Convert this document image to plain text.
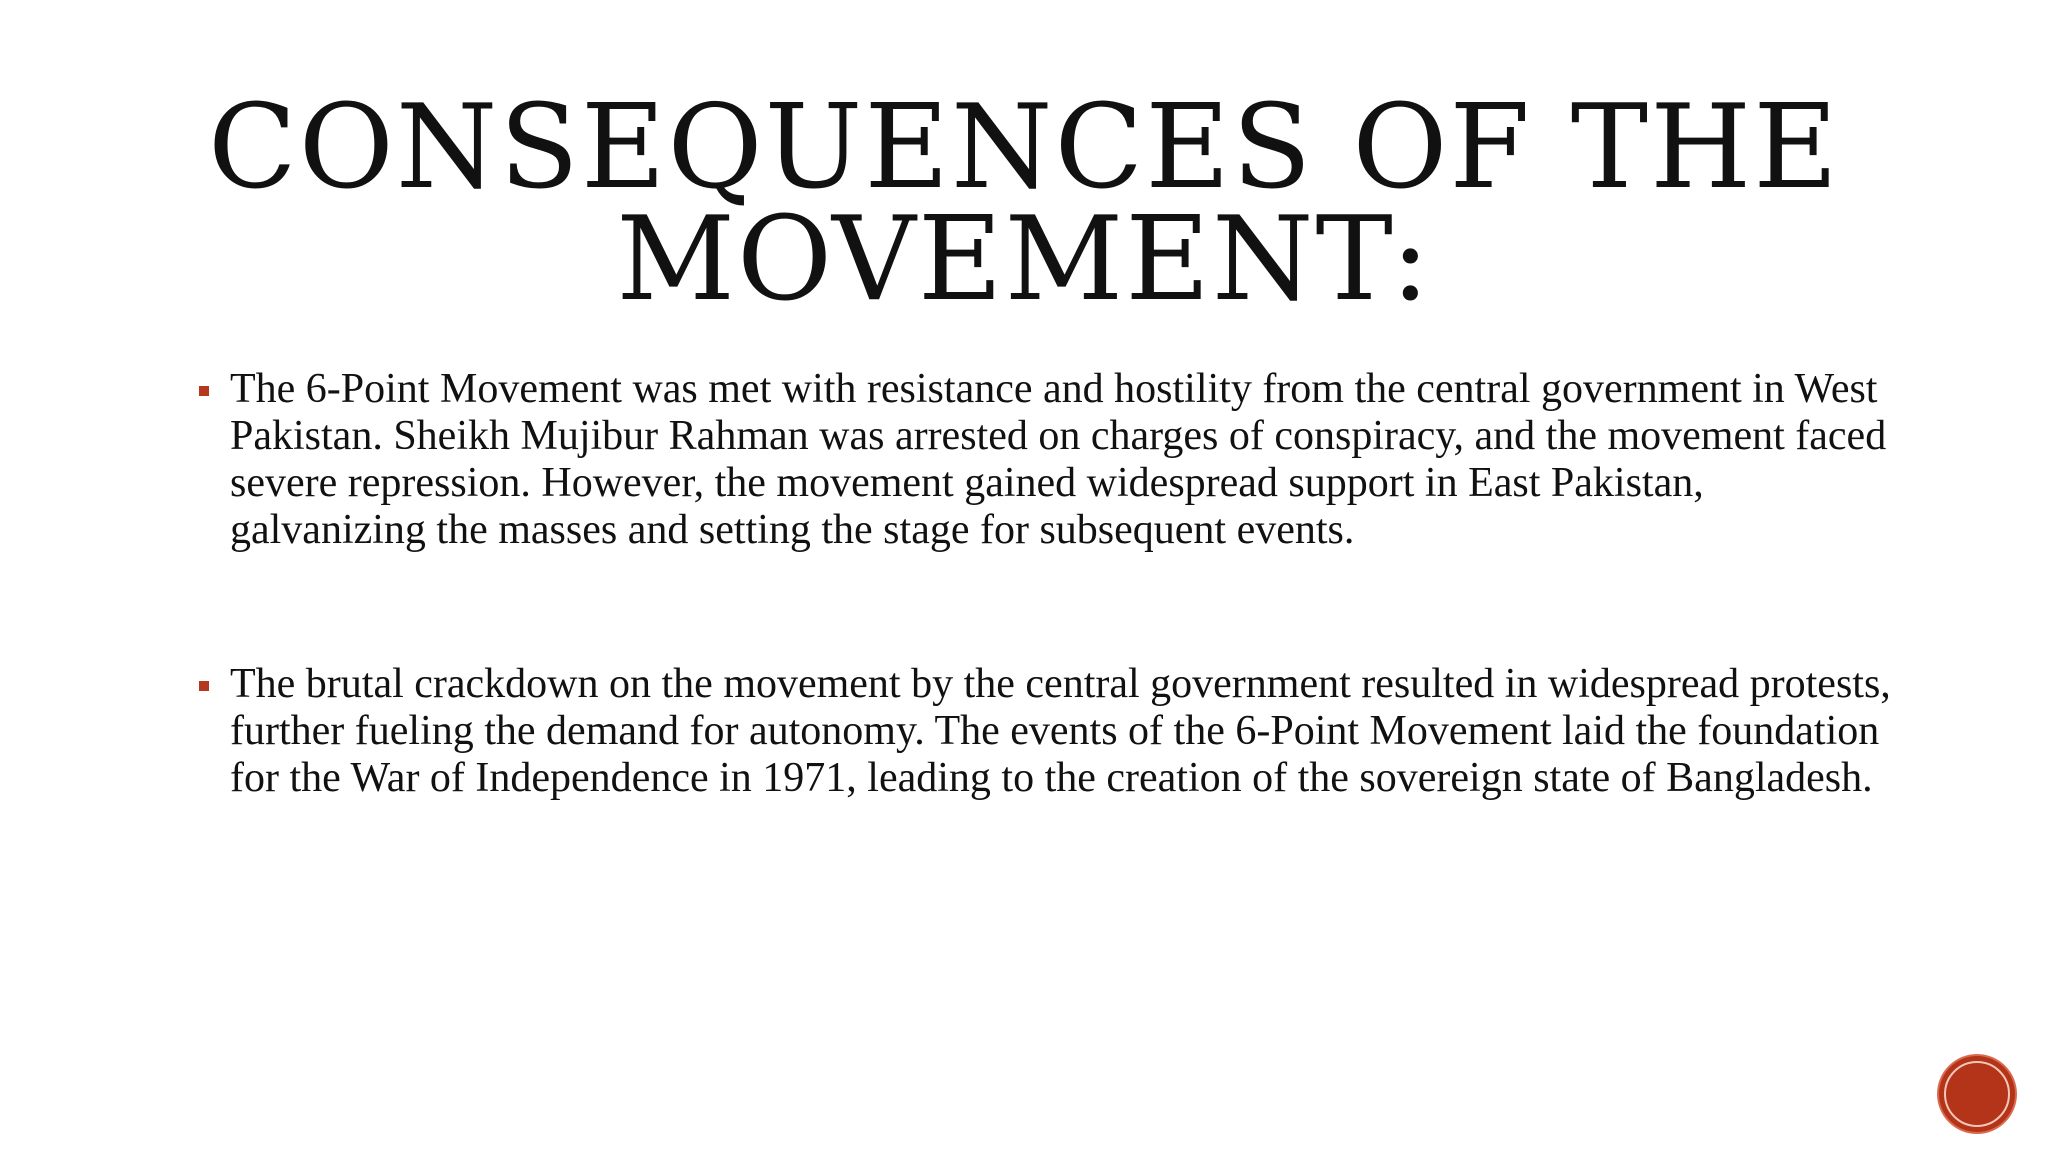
CONSEQUENCES OF THE
MOVEMENT:
The 6-Point Movement was met with resistance and hostility from the central government in West Pakistan. Sheikh Mujibur Rahman was arrested on charges of conspiracy, and the movement faced severe repression. However, the movement gained widespread support in East Pakistan, galvanizing the masses and setting the stage for subsequent events.
The brutal crackdown on the movement by the central government resulted in widespread protests, further fueling the demand for autonomy. The events of the 6-Point Movement laid the foundation for the War of Independence in 1971, leading to the creation of the sovereign state of Bangladesh.
